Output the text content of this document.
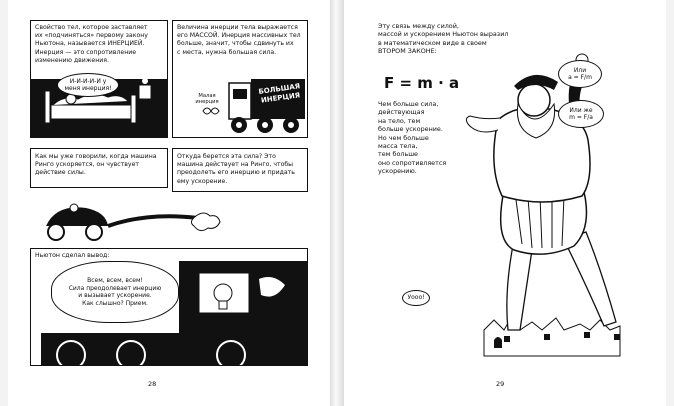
Свойство тел, которое заставляет
их «подчиняться» первому закону
Ньютона, называется ИНЕРЦИЕЙ.
Инерция — это сопротивление
изменению движения.
И-И-И-И-И у
меня инерция!
Величина инерции тела выражается
его МАССОЙ. Инерция массивных тел
больше, значит, чтобы сдвинуть их
с места, нужна большая сила.
Малая
инерция
БОЛЬШАЯ
ИНЕРЦИЯ
Как мы уже говорили, когда машина
Ринго ускоряется, он чувствует
действие силы.
Откуда берется эта сила? Это
машина действует на Ринго, чтобы
преодолеть его инерцию и придать
ему ускорение.
Ньютон сделал вывод:
Всем, всем, всем!
Сила преодолевает инерцию
и вызывает ускорение.
Как слышно? Прием.
28
Эту связь между силой,
массой и ускорением Ньютон выразил
в математическом виде в своем
ВТОРОМ ЗАКОНЕ:
F = m · a
Чем больше сила,
действующая
на тело, тем
больше ускорение.
Но чем больше
масса тела,
тем больше
оно сопротивляется
ускорению.
Или
a = F/m
Или же
m = F/a
Уооо!
29
